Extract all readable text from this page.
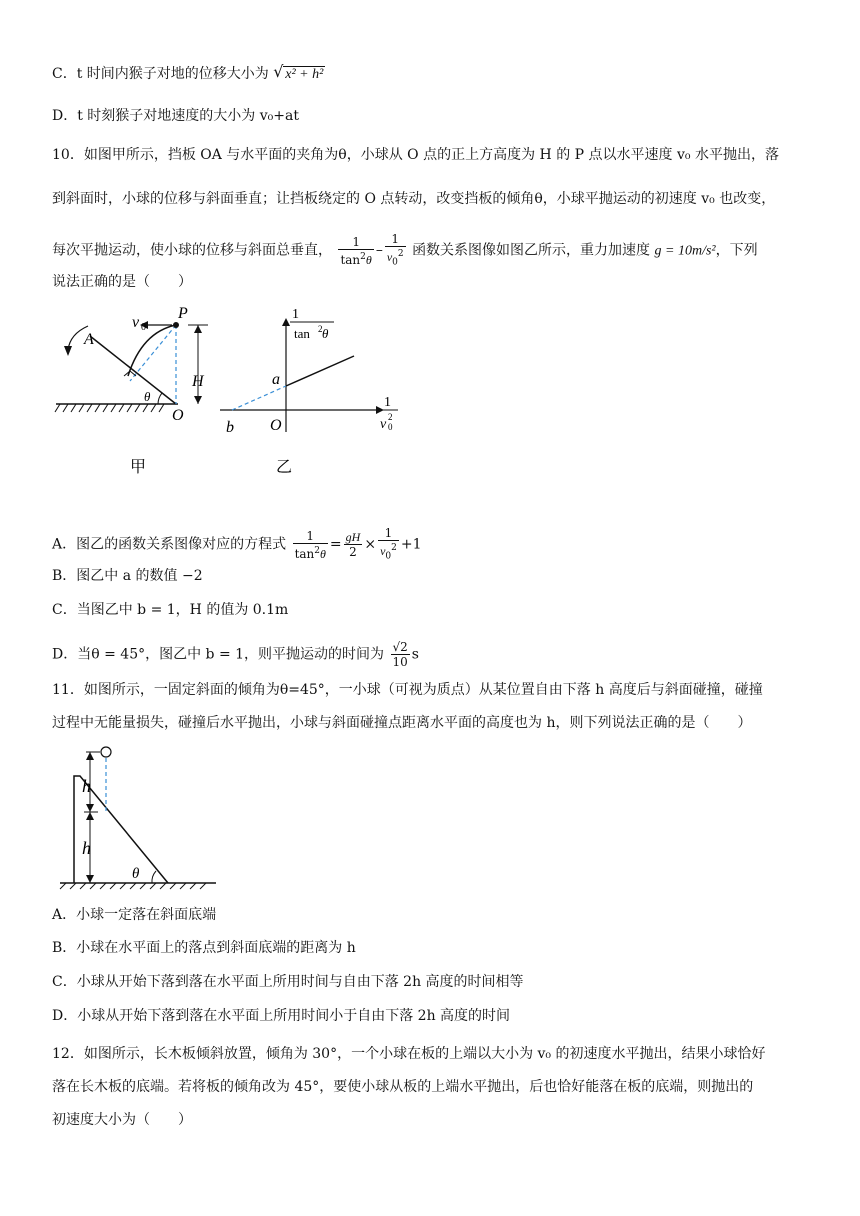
C．t 时间内猴子对地的位移大小为 √ x² + h²
D．t 时刻猴子对地速度的大小为 v₀+at
10．如图甲所示，挡板 OA 与水平面的夹角为θ，小球从 O 点的正上方高度为 H 的 P 点以水平速度 v₀ 水平抛出，落
到斜面时，小球的位移与斜面垂直；让挡板绕定的 O 点转动，改变挡板的倾角θ，小球平抛运动的初速度 v₀ 也改变，
每次平抛运动，使小球的位移与斜面总垂直， $\frac{1}{\tan^2\theta} - \frac{1}{v_0^2}$ 函数关系图像如图乙所示，重力加速度 g = 10m/s²，下列
说法正确的是（　　）
A
P
v 0
H
θ
O
甲
1
tan 2 θ
a
b O
1
v 0
2
乙
A．图乙的函数关系图像对应的方程式 $\frac{1}{\tan^2\theta} = \frac{gH}{2} \times \frac{1}{v_0^2} +1$
B．图乙中 a 的数值 −2
C．当图乙中 b = 1，H 的值为 0.1m
D．当θ = 45°，图乙中 b = 1，则平抛运动的时间为 $\frac{√2}{10}$ s
11．如图所示，一固定斜面的倾角为θ=45°，一小球（可视为质点）从某位置自由下落 h 高度后与斜面碰撞，碰撞
过程中无能量损失，碰撞后水平抛出，小球与斜面碰撞点距离水平面的高度也为 h，则下列说法正确的是（　　）
h
h
θ
A．小球一定落在斜面底端
B．小球在水平面上的落点到斜面底端的距离为 h
C．小球从开始下落到落在水平面上所用时间与自由下落 2h 高度的时间相等
D．小球从开始下落到落在水平面上所用时间小于自由下落 2h 高度的时间
12．如图所示，长木板倾斜放置，倾角为 30°，一个小球在板的上端以大小为 v₀ 的初速度水平抛出，结果小球恰好
落在长木板的底端。若将板的倾角改为 45°，要使小球从板的上端水平抛出，后也恰好能落在板的底端，则抛出的
初速度大小为（　　）
